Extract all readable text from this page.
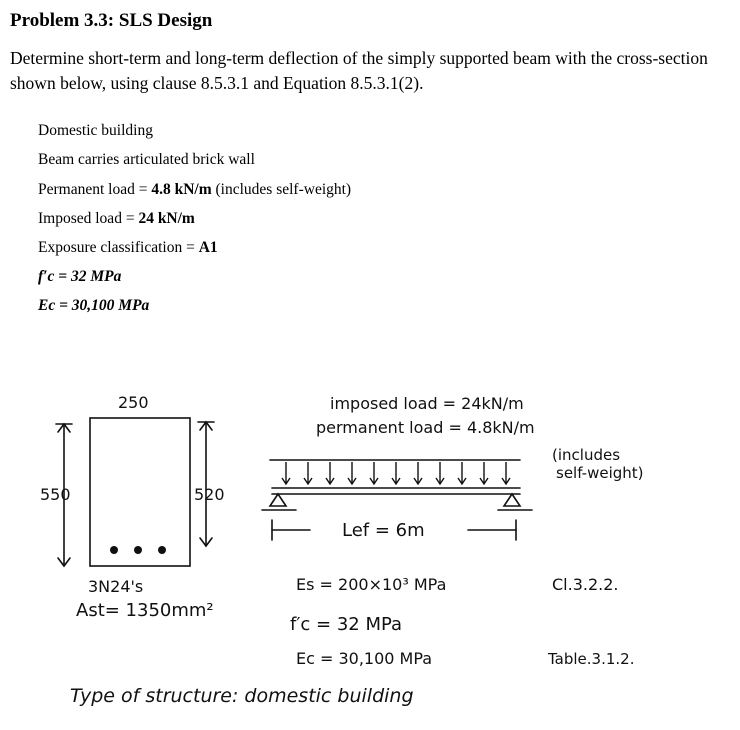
Problem 3.3: SLS Design
Determine short-term and long-term deflection of the simply supported beam with the cross-section shown below, using clause 8.5.3.1 and Equation 8.5.3.1(2).
Domestic building
Beam carries articulated brick wall
Permanent load = 4.8 kN/m (includes self-weight)
Imposed load = 24 kN/m
Exposure classification = A1
f′c = 32 MPa
Ec = 30,100 MPa
250
550	520
3N24's
Ast= 1350mm²
imposed load = 24kN/m
permanent load = 4.8kN/m
(includes
self-weight)
Lef = 6m
Es = 200×10³ MPa	Cl.3.2.2.
f′c = 32 MPa
Ec = 30,100 MPa	Table.3.1.2.
Type of structure: domestic building
